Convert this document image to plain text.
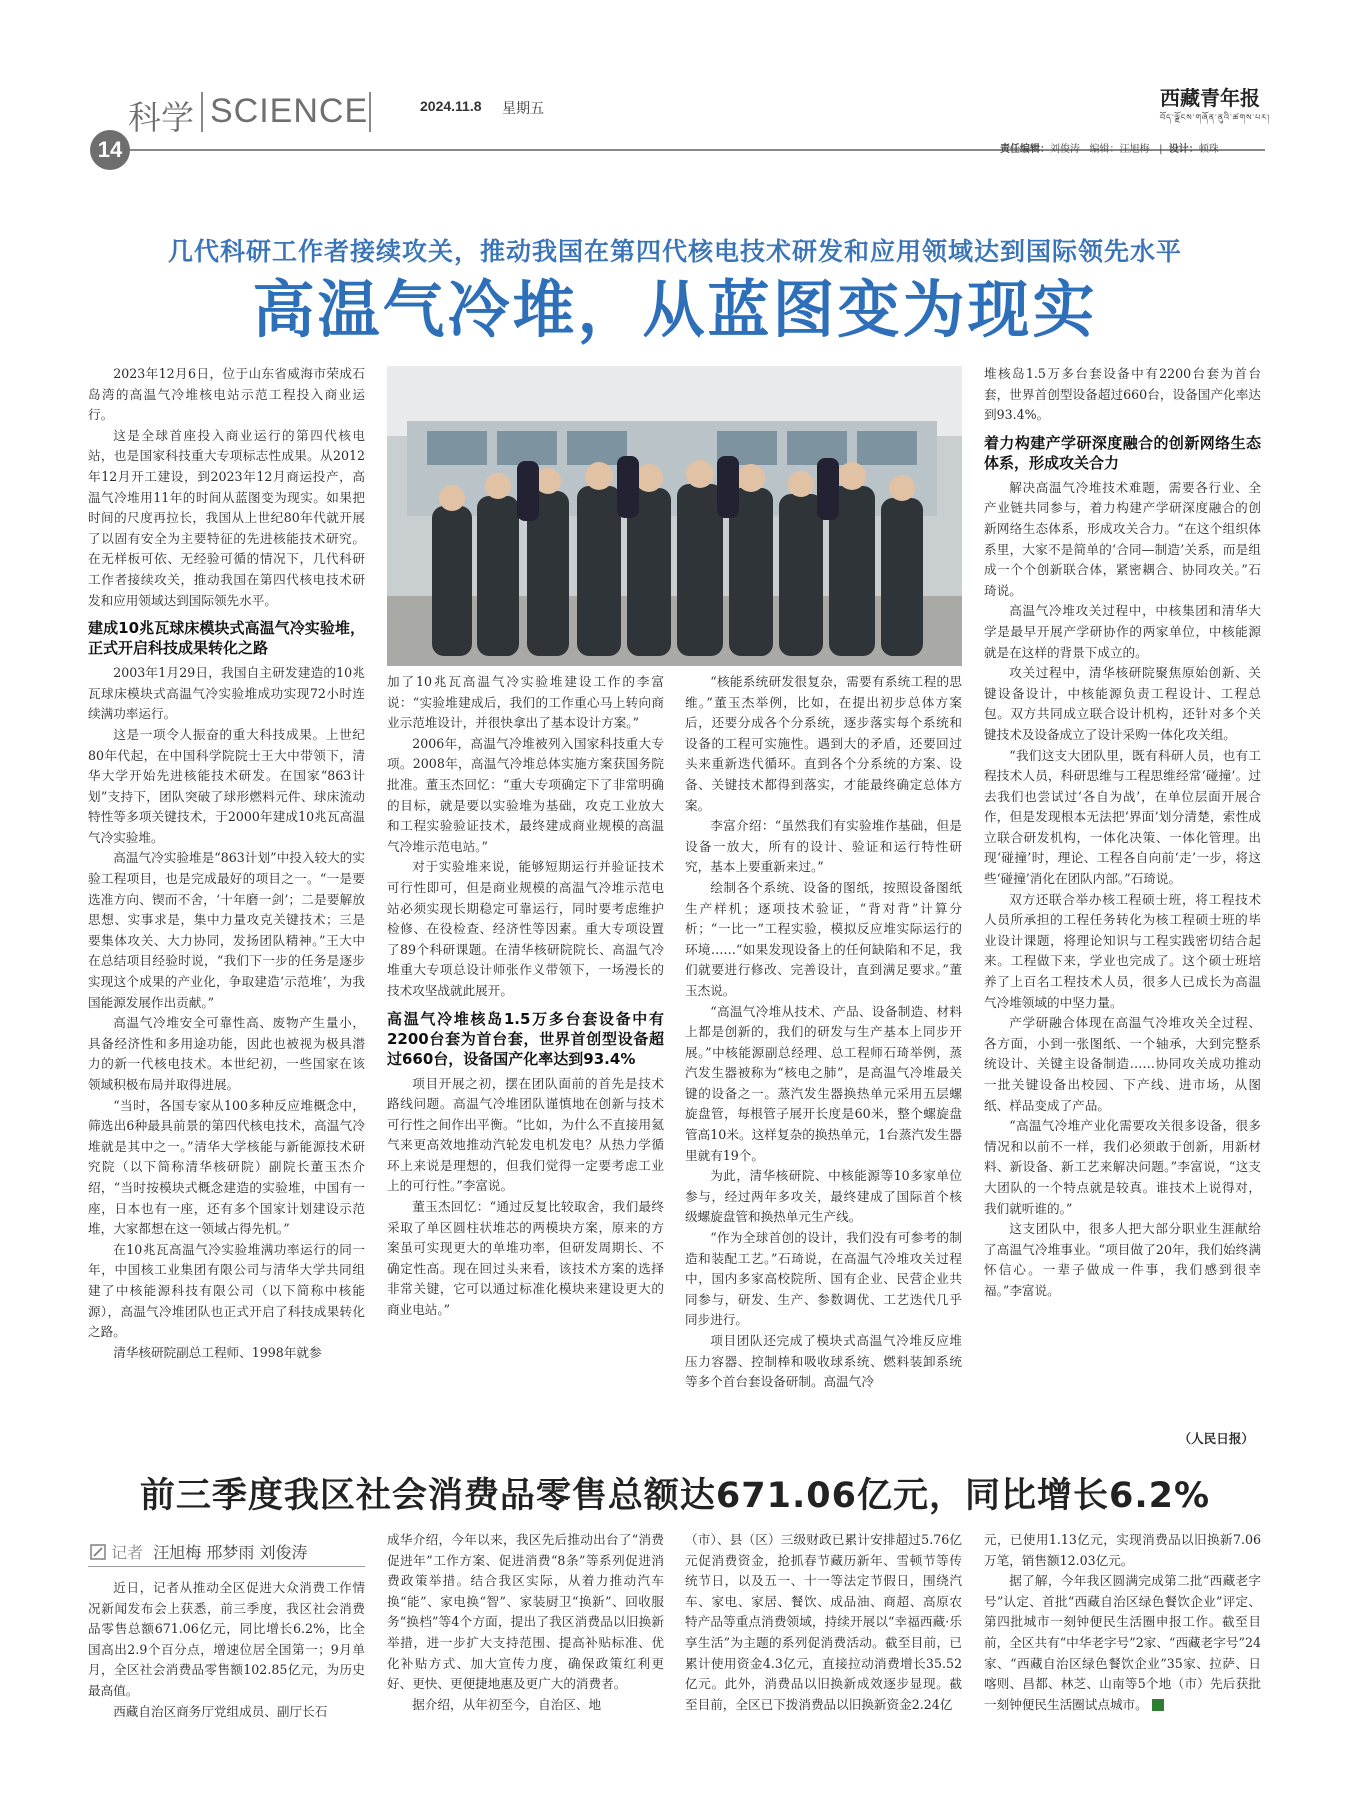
科学 SCIENCE
14
2024.11.8 星期五	西藏青年报
བོད་ལྗོངས་གཞོན་ནུའི་ཚགས་པར།
责任编辑：刘俊涛 编辑：汪旭梅   |  设计：顿珠
几代科研工作者接续攻关，推动我国在第四代核电技术研发和应用领域达到国际领先水平
高温气冷堆，从蓝图变为现实

2023年12月6日，位于山东省威海市荣成石岛湾的高温气冷堆核电站示范工程投入商业运行。

这是全球首座投入商业运行的第四代核电站，也是国家科技重大专项标志性成果。从2012年12月开工建设，到2023年12月商运投产，高温气冷堆用11年的时间从蓝图变为现实。如果把时间的尺度再拉长，我国从上世纪80年代就开展了以固有安全为主要特征的先进核能技术研究。在无样板可依、无经验可循的情况下，几代科研工作者接续攻关，推动我国在第四代核电技术研发和应用领域达到国际领先水平。

建成10兆瓦球床模块式高温气冷实验堆，正式开启科技成果转化之路

2003年1月29日，我国自主研发建造的10兆瓦球床模块式高温气冷实验堆成功实现72小时连续满功率运行。

这是一项令人振奋的重大科技成果。上世纪80年代起，在中国科学院院士王大中带领下，清华大学开始先进核能技术研发。在国家“863计划”支持下，团队突破了球形燃料元件、球床流动特性等多项关键技术，于2000年建成10兆瓦高温气冷实验堆。

高温气冷实验堆是“863计划”中投入较大的实验工程项目，也是完成最好的项目之一。“一是要选准方向、锲而不舍，‘十年磨一剑’；二是要解放思想、实事求是，集中力量攻克关键技术；三是要集体攻关、大力协同，发扬团队精神。”王大中在总结项目经验时说，“我们下一步的任务是逐步实现这个成果的产业化，争取建造‘示范堆’，为我国能源发展作出贡献。”

高温气冷堆安全可靠性高、废物产生量小，具备经济性和多用途功能，因此也被视为极具潜力的新一代核电技术。本世纪初，一些国家在该领域积极布局并取得进展。

“当时，各国专家从100多种反应堆概念中，筛选出6种最具前景的第四代核电技术，高温气冷堆就是其中之一。”清华大学核能与新能源技术研究院（以下简称清华核研院）副院长董玉杰介绍，“当时按模块式概念建造的实验堆，中国有一座，日本也有一座，还有多个国家计划建设示范堆，大家都想在这一领域占得先机。”

在10兆瓦高温气冷实验堆满功率运行的同一年，中国核工业集团有限公司与清华大学共同组建了中核能源科技有限公司（以下简称中核能源），高温气冷堆团队也正式开启了科技成果转化之路。

清华核研院副总工程师、1998年就参

加了10兆瓦高温气冷实验堆建设工作的李富说：“实验堆建成后，我们的工作重心马上转向商业示范堆设计，并很快拿出了基本设计方案。”

2006年，高温气冷堆被列入国家科技重大专项。2008年，高温气冷堆总体实施方案获国务院批准。董玉杰回忆：“重大专项确定下了非常明确的目标，就是要以实验堆为基础，攻克工业放大和工程实验验证技术，最终建成商业规模的高温气冷堆示范电站。”

对于实验堆来说，能够短期运行并验证技术可行性即可，但是商业规模的高温气冷堆示范电站必须实现长期稳定可靠运行，同时要考虑维护检修、在役检查、经济性等因素。重大专项设置了89个科研课题。在清华核研院院长、高温气冷堆重大专项总设计师张作义带领下，一场漫长的技术攻坚战就此展开。

高温气冷堆核岛1.5万多台套设备中有2200台套为首台套，世界首创型设备超过660台，设备国产化率达到93.4%

项目开展之初，摆在团队面前的首先是技术路线问题。高温气冷堆团队谨慎地在创新与技术可行性之间作出平衡。“比如，为什么不直接用氦气来更高效地推动汽轮发电机发电？从热力学循环上来说是理想的，但我们觉得一定要考虑工业上的可行性。”李富说。

董玉杰回忆：“通过反复比较取舍，我们最终采取了单区圆柱状堆芯的两模块方案，原来的方案虽可实现更大的单堆功率，但研发周期长、不确定性高。现在回过头来看，该技术方案的选择非常关键，它可以通过标准化模块来建设更大的商业电站。”

“核能系统研发很复杂，需要有系统工程的思维。”董玉杰举例，比如，在提出初步总体方案后，还要分成各个分系统，逐步落实每个系统和设备的工程可实施性。遇到大的矛盾，还要回过头来重新迭代循环。直到各个分系统的方案、设备、关键技术都得到落实，才能最终确定总体方案。

李富介绍：“虽然我们有实验堆作基础，但是设备一放大，所有的设计、验证和运行特性研究，基本上要重新来过。”

绘制各个系统、设备的图纸，按照设备图纸生产样机；逐项技术验证，“背对背”计算分析；“一比一”工程实验，模拟反应堆实际运行的环境……“如果发现设备上的任何缺陷和不足，我们就要进行修改、完善设计，直到满足要求。”董玉杰说。

“高温气冷堆从技术、产品、设备制造、材料上都是创新的，我们的研发与生产基本上同步开展。”中核能源副总经理、总工程师石琦举例，蒸汽发生器被称为“核电之肺”，是高温气冷堆最关键的设备之一。蒸汽发生器换热单元采用五层螺旋盘管，每根管子展开长度是60米，整个螺旋盘管高10米。这样复杂的换热单元，1台蒸汽发生器里就有19个。

为此，清华核研院、中核能源等10多家单位参与，经过两年多攻关，最终建成了国际首个核级螺旋盘管和换热单元生产线。

“作为全球首创的设计，我们没有可参考的制造和装配工艺。”石琦说，在高温气冷堆攻关过程中，国内多家高校院所、国有企业、民营企业共同参与，研发、生产、参数调优、工艺迭代几乎同步进行。

项目团队还完成了模块式高温气冷堆反应堆压力容器、控制棒和吸收球系统、燃料装卸系统等多个首台套设备研制。高温气冷

堆核岛1.5万多台套设备中有2200台套为首台套，世界首创型设备超过660台，设备国产化率达到93.4%。

着力构建产学研深度融合的创新网络生态体系，形成攻关合力

解决高温气冷堆技术难题，需要各行业、全产业链共同参与，着力构建产学研深度融合的创新网络生态体系，形成攻关合力。“在这个组织体系里，大家不是简单的‘合同—制造’关系，而是组成一个个创新联合体，紧密耦合、协同攻关。”石琦说。

高温气冷堆攻关过程中，中核集团和清华大学是最早开展产学研协作的两家单位，中核能源就是在这样的背景下成立的。

攻关过程中，清华核研院聚焦原始创新、关键设备设计，中核能源负责工程设计、工程总包。双方共同成立联合设计机构，还针对多个关键技术及设备成立了设计采购一体化攻关组。

“我们这支大团队里，既有科研人员，也有工程技术人员，科研思维与工程思维经常‘碰撞’。过去我们也尝试过‘各自为战’，在单位层面开展合作，但是发现根本无法把‘界面’划分清楚，索性成立联合研发机构，一体化决策、一体化管理。出现‘碰撞’时，理论、工程各自向前‘走’一步，将这些‘碰撞’消化在团队内部。”石琦说。

双方还联合举办核工程硕士班，将工程技术人员所承担的工程任务转化为核工程硕士班的毕业设计课题，将理论知识与工程实践密切结合起来。工程做下来，学业也完成了。这个硕士班培养了上百名工程技术人员，很多人已成长为高温气冷堆领域的中坚力量。

产学研融合体现在高温气冷堆攻关全过程、各方面，小到一张图纸、一个轴承，大到完整系统设计、关键主设备制造……协同攻关成功推动一批关键设备出校园、下产线、进市场，从图纸、样品变成了产品。

“高温气冷堆产业化需要攻关很多设备，很多情况和以前不一样，我们必须敢于创新，用新材料、新设备、新工艺来解决问题。”李富说，“这支大团队的一个特点就是较真。谁技术上说得对，我们就听谁的。”

这支团队中，很多人把大部分职业生涯献给了高温气冷堆事业。“项目做了20年，我们始终满怀信心。一辈子做成一件事，我们感到很幸福。”李富说。

（人民日报）
前三季度我区社会消费品零售总额达671.06亿元，同比增长6.2%
记者 汪旭梅 邢梦雨 刘俊涛

近日，记者从推动全区促进大众消费工作情况新闻发布会上获悉，前三季度，我区社会消费品零售总额671.06亿元，同比增长6.2%，比全国高出2.9个百分点，增速位居全国第一；9月单月，全区社会消费品零售额102.85亿元，为历史最高值。

西藏自治区商务厅党组成员、副厅长石

成华介绍，今年以来，我区先后推动出台了“消费促进年”工作方案、促进消费“8条”等系列促进消费政策举措。结合我区实际，从着力推动汽车换“能”、家电换“智”、家装厨卫“换新”、回收服务“换档”等4个方面，提出了我区消费品以旧换新举措，进一步扩大支持范围、提高补贴标准、优化补贴方式、加大宣传力度，确保政策红利更好、更快、更便捷地惠及更广大的消费者。

据介绍，从年初至今，自治区、地

（市）、县（区）三级财政已累计安排超过5.76亿元促消费资金，抢抓春节藏历新年、雪顿节等传统节日，以及五一、十一等法定节假日，围绕汽车、家电、家居、餐饮、成品油、商超、高原农特产品等重点消费领域，持续开展以“幸福西藏·乐享生活”为主题的系列促消费活动。截至目前，已累计使用资金4.3亿元，直接拉动消费增长35.52亿元。此外，消费品以旧换新成效逐步显现。截至目前，全区已下拨消费品以旧换新资金2.24亿

元，已使用1.13亿元，实现消费品以旧换新7.06万笔，销售额12.03亿元。

据了解，今年我区圆满完成第二批“西藏老字号”认定、首批“西藏自治区绿色餐饮企业”评定、第四批城市一刻钟便民生活圈申报工作。截至目前，全区共有“中华老字号”2家、“西藏老字号”24家、“西藏自治区绿色餐饮企业”35家、拉萨、日喀则、昌都、林芝、山南等5个地（市）先后获批一刻钟便民生活圈试点城市。
